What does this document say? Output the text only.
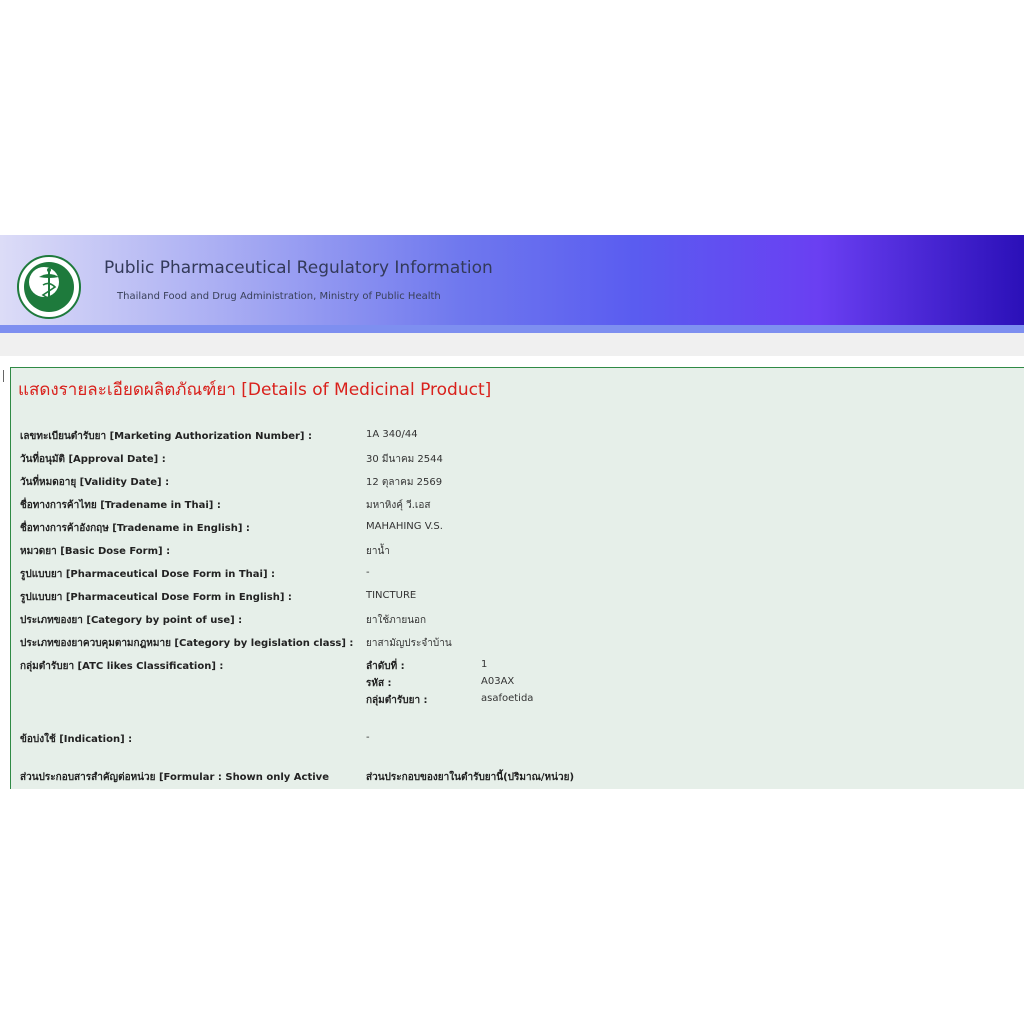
Public Pharmaceutical Regulatory Information
Thailand Food and Drug Administration, Ministry of Public Health
แสดงรายละเอียดผลิตภัณฑ์ยา [Details of Medicinal Product]
เลขทะเบียนตำรับยา [Marketing Authorization Number] :	1A 340/44
วันที่อนุมัติ [Approval Date] :	30 มีนาคม 2544
วันที่หมดอายุ [Validity Date] :	12 ตุลาคม 2569
ชื่อทางการค้าไทย [Tradename in Thai] :	มหาหิงคุ์ วี.เอส
ชื่อทางการค้าอังกฤษ [Tradename in English] :	MAHAHING V.S.
หมวดยา [Basic Dose Form] :	ยาน้ำ
รูปแบบยา [Pharmaceutical Dose Form in Thai] :	-
รูปแบบยา [Pharmaceutical Dose Form in English] :	TINCTURE
ประเภทของยา [Category by point of use] :	ยาใช้ภายนอก
ประเภทของยาควบคุมตามกฎหมาย [Category by legislation class] : ยาสามัญประจำบ้าน
กลุ่มตำรับยา [ATC likes Classification] :	ลำดับที่ :	1
รหัส :	A03AX
กลุ่มตำรับยา :	asafoetida
ข้อบ่งใช้ [Indication] :	-
ส่วนประกอบสารสำคัญต่อหน่วย [Formular : Shown only Active	ส่วนประกอบของยาในตำรับยานี้(ปริมาณ/หน่วย)
